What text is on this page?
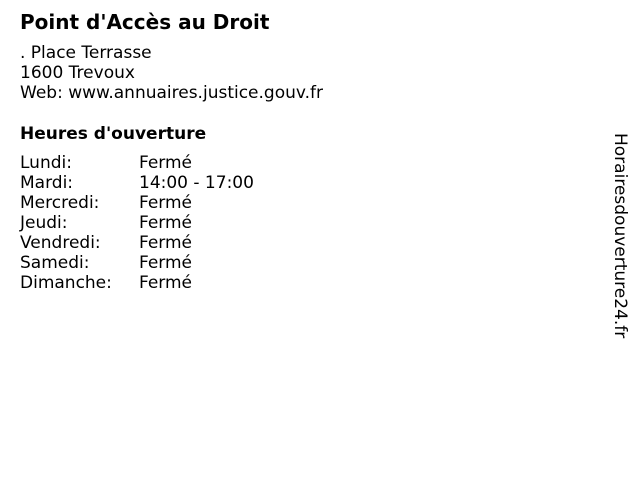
Point d'Accès au Droit
. Place Terrasse
1600 Trevoux
Web: www.annuaires.justice.gouv.fr
Heures d'ouverture
Lundi:	Fermé
Mardi:	14:00 - 17:00
Mercredi:	Fermé
Jeudi:	Fermé
Vendredi:	Fermé
Samedi:	Fermé
Dimanche:	Fermé	Horairesdouverture24.fr
